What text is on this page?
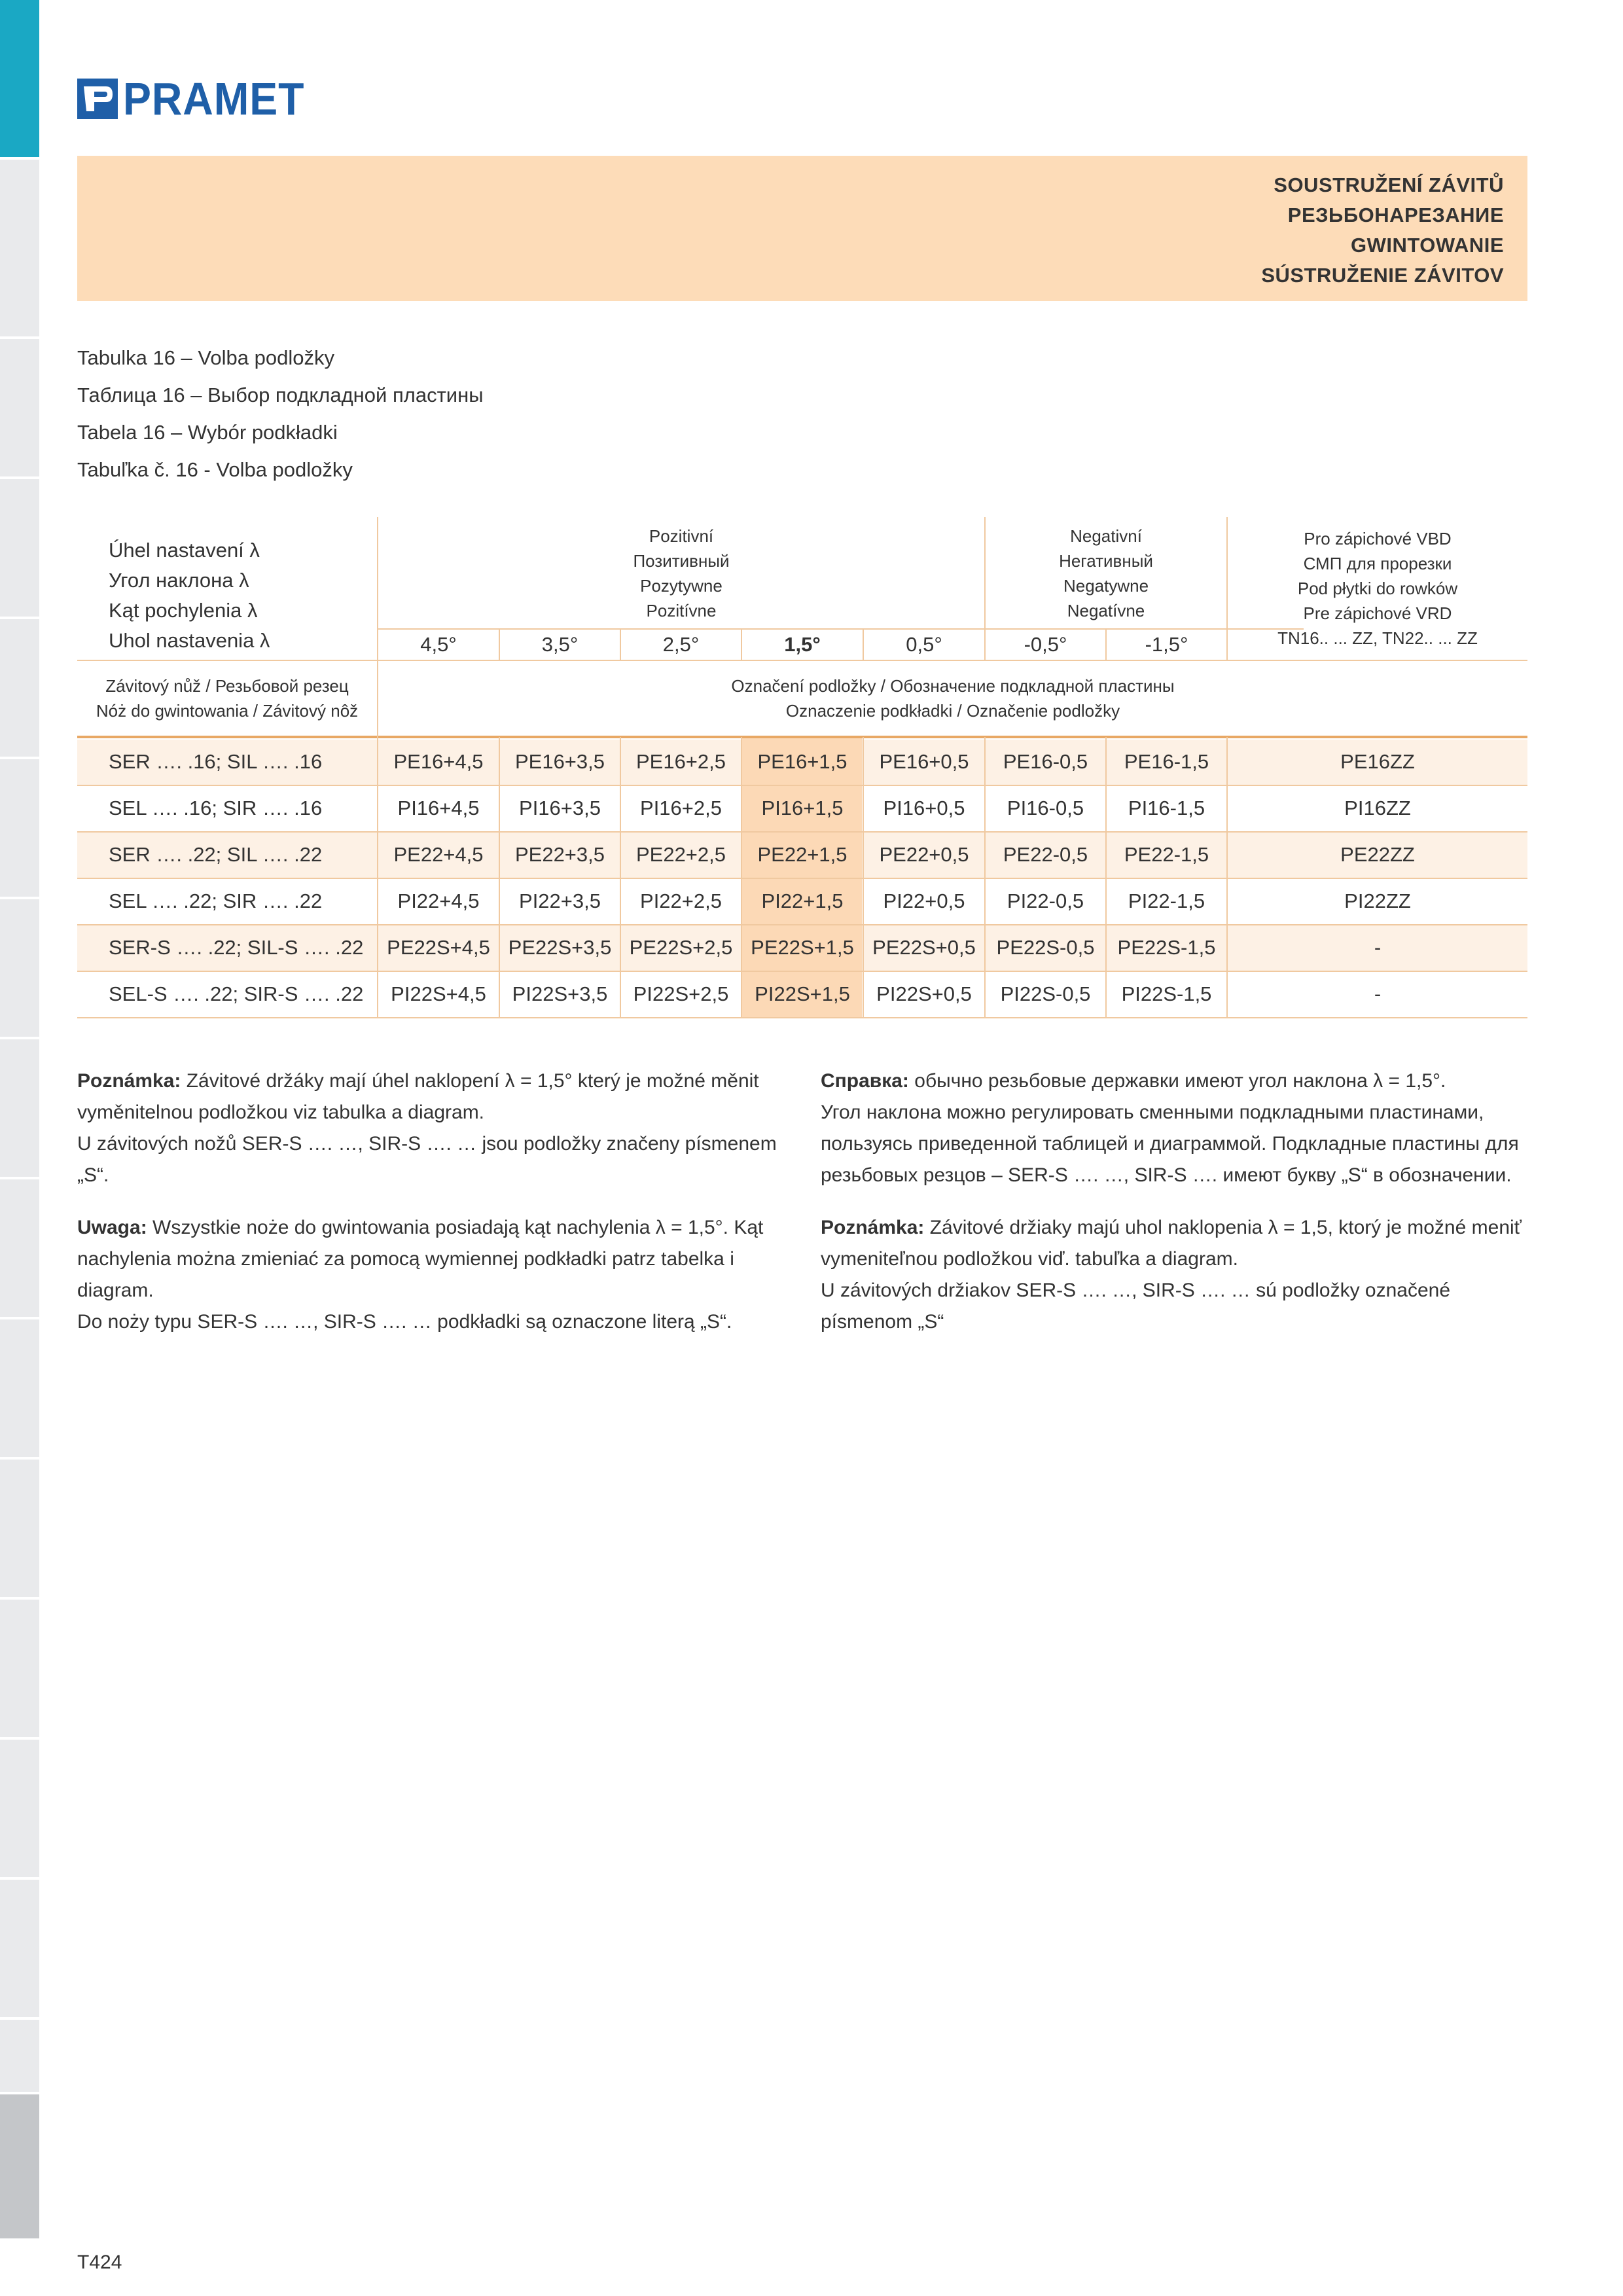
PRAMET
SOUSTRUŽENÍ ZÁVITŮ
РЕЗЬБОНАРЕЗАНИЕ
GWINTOWANIE
SÚSTRUŽENIE ZÁVITOV
Tabulka 16 – Volba podložky
Таблица 16 – Выбор подкладной пластины
Tabela 16 – Wybór podkładki
Tabuľka č. 16 - Volba podložky
Úhel nastavení λ
Угол наклона λ
Kąt pochylenia λ
Uhol nastavenia λ
Pozitivní
Позитивный
Pozytywne
Pozitívne
Negativní
Негативный
Negatywne
Negatívne
Pro zápichové VBD
СМП для прорезки
Pod płytki do rowków
Pre zápichové VRD
TN16.. ... ZZ, TN22.. ... ZZ
4,5°	3,5°	2,5°	1,5°	0,5°	-0,5°	-1,5°
Závitový nůž / Резьбовой резец
Nóż do gwintowania / Závitový nôž
Označení podložky / Обозначение подкладной пластины
Oznaczenie podkładki / Označenie podložky
SER …. .16; SIL …. .16	PE16+4,5	PE16+3,5	PE16+2,5	PE16+1,5	PE16+0,5	PE16-0,5	PE16-1,5	PE16ZZ
SEL …. .16; SIR …. .16	PI16+4,5	PI16+3,5	PI16+2,5	PI16+1,5	PI16+0,5	PI16-0,5	PI16-1,5	PI16ZZ
SER …. .22; SIL …. .22	PE22+4,5	PE22+3,5	PE22+2,5	PE22+1,5	PE22+0,5	PE22-0,5	PE22-1,5	PE22ZZ
SEL …. .22; SIR …. .22	PI22+4,5	PI22+3,5	PI22+2,5	PI22+1,5	PI22+0,5	PI22-0,5	PI22-1,5	PI22ZZ
SER-S …. .22; SIL-S …. .22	PE22S+4,5 PE22S+3,5 PE22S+2,5 PE22S+1,5 PE22S+0,5	PE22S-0,5	PE22S-1,5	-
SEL-S …. .22; SIR-S …. .22	PI22S+4,5	PI22S+3,5	PI22S+2,5	PI22S+1,5	PI22S+0,5	PI22S-0,5	PI22S-1,5	-
Poznámka: Závitové držáky mají úhel naklopení λ = 1,5° který je možné měnit
vyměnitelnou podložkou viz tabulka a diagram.
U závitových nožů SER-S …. …, SIR-S …. … jsou podložky značeny písmenem „S“.
Справка: обычно резьбовые державки имеют угол наклона λ = 1,5°.
Угол наклона можно регулировать сменными подкладными пластинами,
пользуясь приведенной таблицей и диаграммой. Подкладные пластины для
резьбовых резцов – SER-S …. …, SIR-S …. имеют букву „S“ в обозначении.
Uwaga: Wszystkie noże do gwintowania posiadają kąt nachylenia λ = 1,5°. Kąt
nachylenia można zmieniać za pomocą wymiennej podkładki patrz tabelka i diagram.
Do noży typu SER-S …. …, SIR-S …. … podkładki są oznaczone literą „S“.
Poznámka: Závitové držiaky majú uhol naklopenia λ = 1,5, ktorý je možné meniť
vymeniteľnou podložkou viď. tabuľka a diagram.
U závitových držiakov SER-S …. …, SIR-S …. … sú podložky označené písmenom „S“
T424
